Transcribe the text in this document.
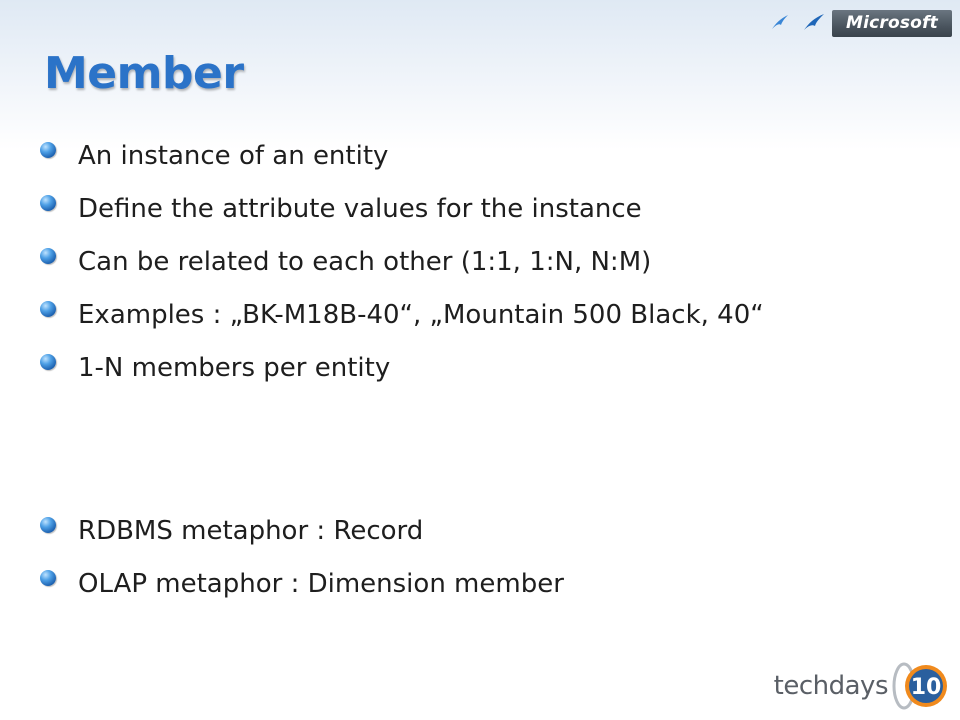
Microsoft
Member
An instance of an entity
Define the attribute values for the instance
Can be related to each other (1:1, 1:N, N:M)
Examples : „BK-M18B-40“, „Mountain 500 Black, 40“
1-N members per entity
RDBMS metaphor : Record
OLAP metaphor : Dimension member
techdays 10
